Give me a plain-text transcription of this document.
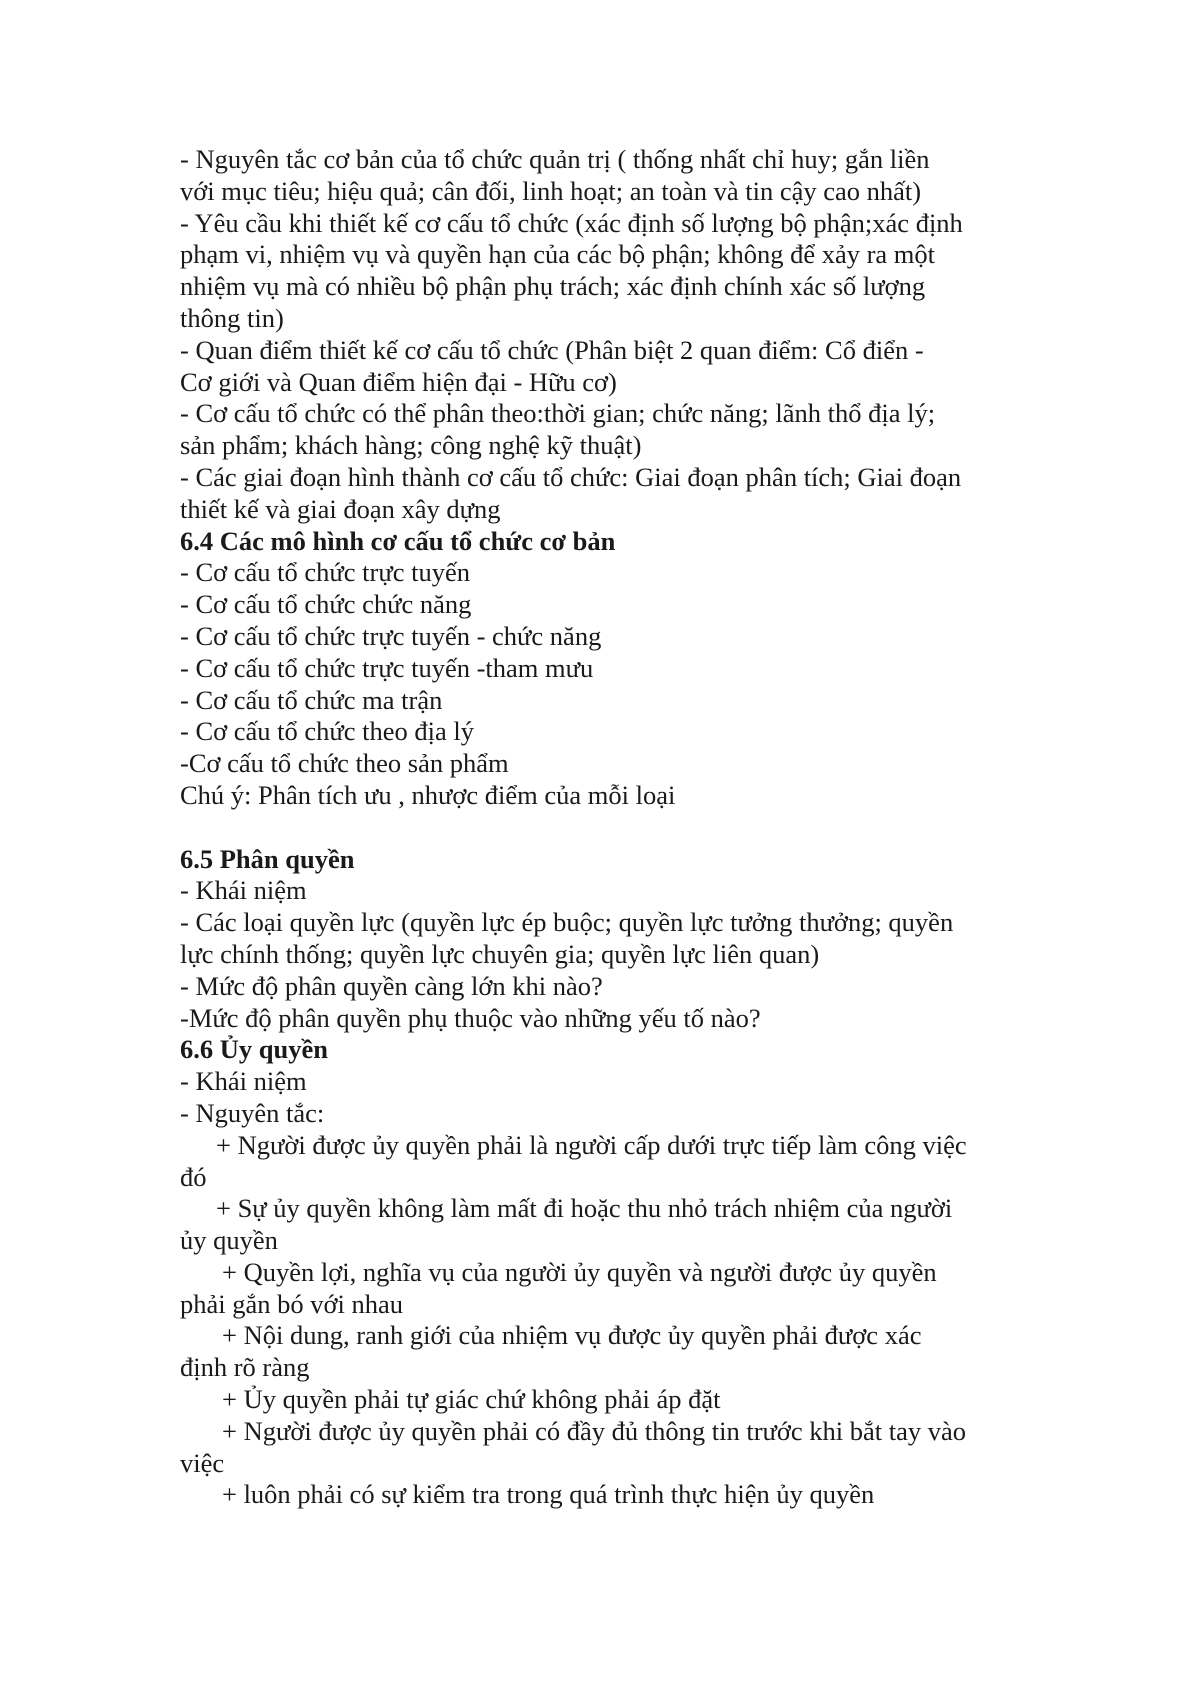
- Nguyên tắc cơ bản của tổ chức quản trị ( thống nhất chỉ huy; gắn liền
với mục tiêu; hiệu quả; cân đối, linh hoạt; an toàn và tin cậy cao nhất)
- Yêu cầu khi thiết kế cơ cấu tổ chức (xác định số lượng bộ phận;xác định
phạm vi, nhiệm vụ và quyền hạn của các bộ phận; không để xảy ra một
nhiệm vụ mà có nhiều bộ phận phụ trách; xác định chính xác số lượng
thông tin)
- Quan điểm thiết kế cơ cấu tổ chức (Phân biệt 2 quan điểm: Cổ điển -
Cơ giới và Quan điểm hiện đại - Hữu cơ)
- Cơ cấu tổ chức có thể phân theo:thời gian; chức năng; lãnh thổ địa lý;
sản phẩm; khách hàng; công nghệ kỹ thuật)
- Các giai đoạn hình thành cơ cấu tổ chức: Giai đoạn phân tích; Giai đoạn
thiết kế và giai đoạn xây dựng
6.4 Các mô hình cơ cấu tổ chức cơ bản
- Cơ cấu tổ chức trực tuyến
- Cơ cấu tổ chức chức năng
- Cơ cấu tổ chức trực tuyến - chức năng
- Cơ cấu tổ chức trực tuyến -tham mưu
- Cơ cấu tổ chức ma trận
- Cơ cấu tổ chức theo địa lý
-Cơ cấu tổ chức theo sản phẩm
Chú ý: Phân tích ưu , nhược điểm của mỗi loại
6.5 Phân quyền
- Khái niệm
- Các loại quyền lực (quyền lực ép buộc; quyền lực tưởng thưởng; quyền
lực chính thống; quyền lực chuyên gia; quyền lực liên quan)
- Mức độ phân quyền càng lớn khi nào?
-Mức độ phân quyền phụ thuộc vào những yếu tố nào?
6.6 Ủy quyền
- Khái niệm
- Nguyên tắc:
+ Người được ủy quyền phải là người cấp dưới trực tiếp làm công việc
đó
+ Sự ủy quyền không làm mất đi hoặc thu nhỏ trách nhiệm của người
ủy quyền
+ Quyền lợi, nghĩa vụ của người ủy quyền và người được ủy quyền
phải gắn bó với nhau
+ Nội dung, ranh giới của nhiệm vụ được ủy quyền phải được xác
định rõ ràng
+ Ủy quyền phải tự giác chứ không phải áp đặt
+ Người được ủy quyền phải có đầy đủ thông tin trước khi bắt tay vào
việc
+ luôn phải có sự kiểm tra trong quá trình thực hiện ủy quyền
